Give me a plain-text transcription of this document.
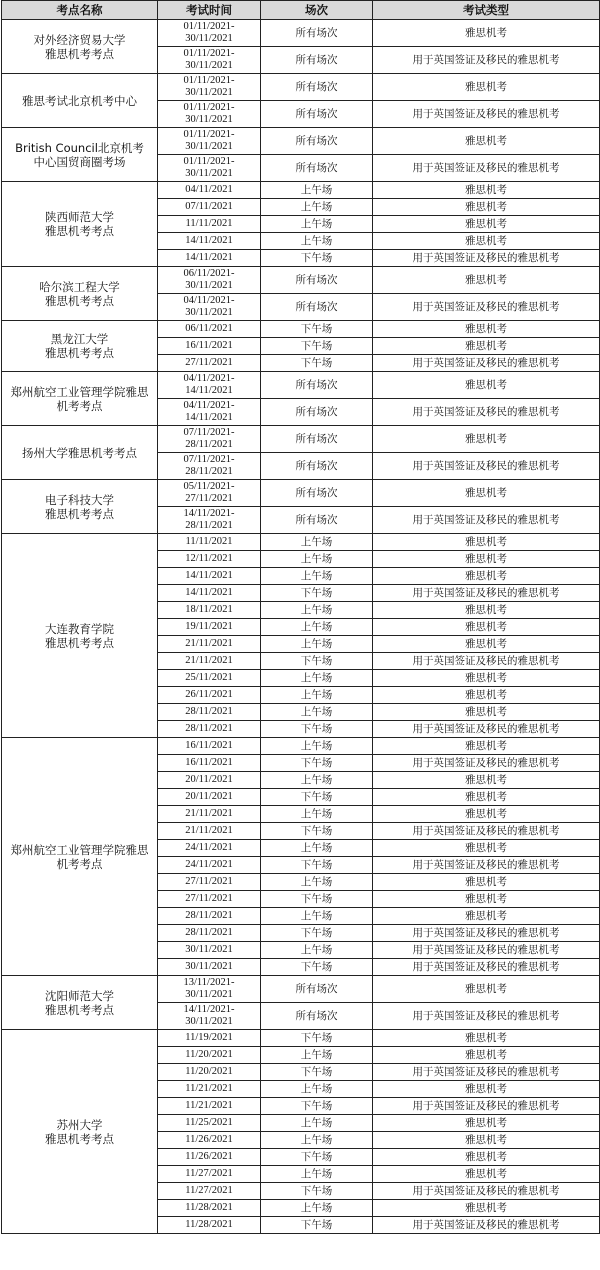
考点名称	考试时间	场次	考试类型
对外经济贸易大学
雅思机考考点	01/11/2021-
30/11/2021	所有场次	雅思机考
	01/11/2021-
30/11/2021	所有场次	用于英国签证及移民的雅思机考
雅思考试北京机考中心	01/11/2021-
30/11/2021	所有场次	雅思机考
	01/11/2021-
30/11/2021	所有场次	用于英国签证及移民的雅思机考
British Council北京机考
中心国贸商圈考场	01/11/2021-
30/11/2021	所有场次	雅思机考
	01/11/2021-
30/11/2021	所有场次	用于英国签证及移民的雅思机考
陕西师范大学
雅思机考考点	04/11/2021	上午场	雅思机考
	07/11/2021	上午场	雅思机考
	11/11/2021	上午场	雅思机考
	14/11/2021	上午场	雅思机考
	14/11/2021	下午场	用于英国签证及移民的雅思机考
哈尔滨工程大学
雅思机考考点	06/11/2021-
30/11/2021	所有场次	雅思机考
	04/11/2021-
30/11/2021	所有场次	用于英国签证及移民的雅思机考
黑龙江大学
雅思机考考点	06/11/2021	下午场	雅思机考
	16/11/2021	下午场	雅思机考
	27/11/2021	下午场	用于英国签证及移民的雅思机考
郑州航空工业管理学院雅思
机考考点	04/11/2021-
14/11/2021	所有场次	雅思机考
	04/11/2021-
14/11/2021	所有场次	用于英国签证及移民的雅思机考
扬州大学雅思机考考点	07/11/2021-
28/11/2021	所有场次	雅思机考
	07/11/2021-
28/11/2021	所有场次	用于英国签证及移民的雅思机考
电子科技大学
雅思机考考点	05/11/2021-
27/11/2021	所有场次	雅思机考
	14/11/2021-
28/11/2021	所有场次	用于英国签证及移民的雅思机考
大连教育学院
雅思机考考点	11/11/2021	上午场	雅思机考
	12/11/2021	上午场	雅思机考
	14/11/2021	上午场	雅思机考
	14/11/2021	下午场	用于英国签证及移民的雅思机考
	18/11/2021	上午场	雅思机考
	19/11/2021	上午场	雅思机考
	21/11/2021	上午场	雅思机考
	21/11/2021	下午场	用于英国签证及移民的雅思机考
	25/11/2021	上午场	雅思机考
	26/11/2021	上午场	雅思机考
	28/11/2021	上午场	雅思机考
	28/11/2021	下午场	用于英国签证及移民的雅思机考
郑州航空工业管理学院雅思
机考考点	16/11/2021	上午场	雅思机考
	16/11/2021	下午场	用于英国签证及移民的雅思机考
	20/11/2021	上午场	雅思机考
	20/11/2021	下午场	雅思机考
	21/11/2021	上午场	雅思机考
	21/11/2021	下午场	用于英国签证及移民的雅思机考
	24/11/2021	上午场	雅思机考
	24/11/2021	下午场	用于英国签证及移民的雅思机考
	27/11/2021	上午场	雅思机考
	27/11/2021	下午场	雅思机考
	28/11/2021	上午场	雅思机考
	28/11/2021	下午场	用于英国签证及移民的雅思机考
	30/11/2021	上午场	用于英国签证及移民的雅思机考
	30/11/2021	下午场	用于英国签证及移民的雅思机考
沈阳师范大学
雅思机考考点	13/11/2021-
30/11/2021	所有场次	雅思机考
	14/11/2021-
30/11/2021	所有场次	用于英国签证及移民的雅思机考
苏州大学
雅思机考考点	11/19/2021	下午场	雅思机考
	11/20/2021	上午场	雅思机考
	11/20/2021	下午场	用于英国签证及移民的雅思机考
	11/21/2021	上午场	雅思机考
	11/21/2021	下午场	用于英国签证及移民的雅思机考
	11/25/2021	上午场	雅思机考
	11/26/2021	上午场	雅思机考
	11/26/2021	下午场	雅思机考
	11/27/2021	上午场	雅思机考
	11/27/2021	下午场	用于英国签证及移民的雅思机考
	11/28/2021	上午场	雅思机考
	11/28/2021	下午场	用于英国签证及移民的雅思机考
